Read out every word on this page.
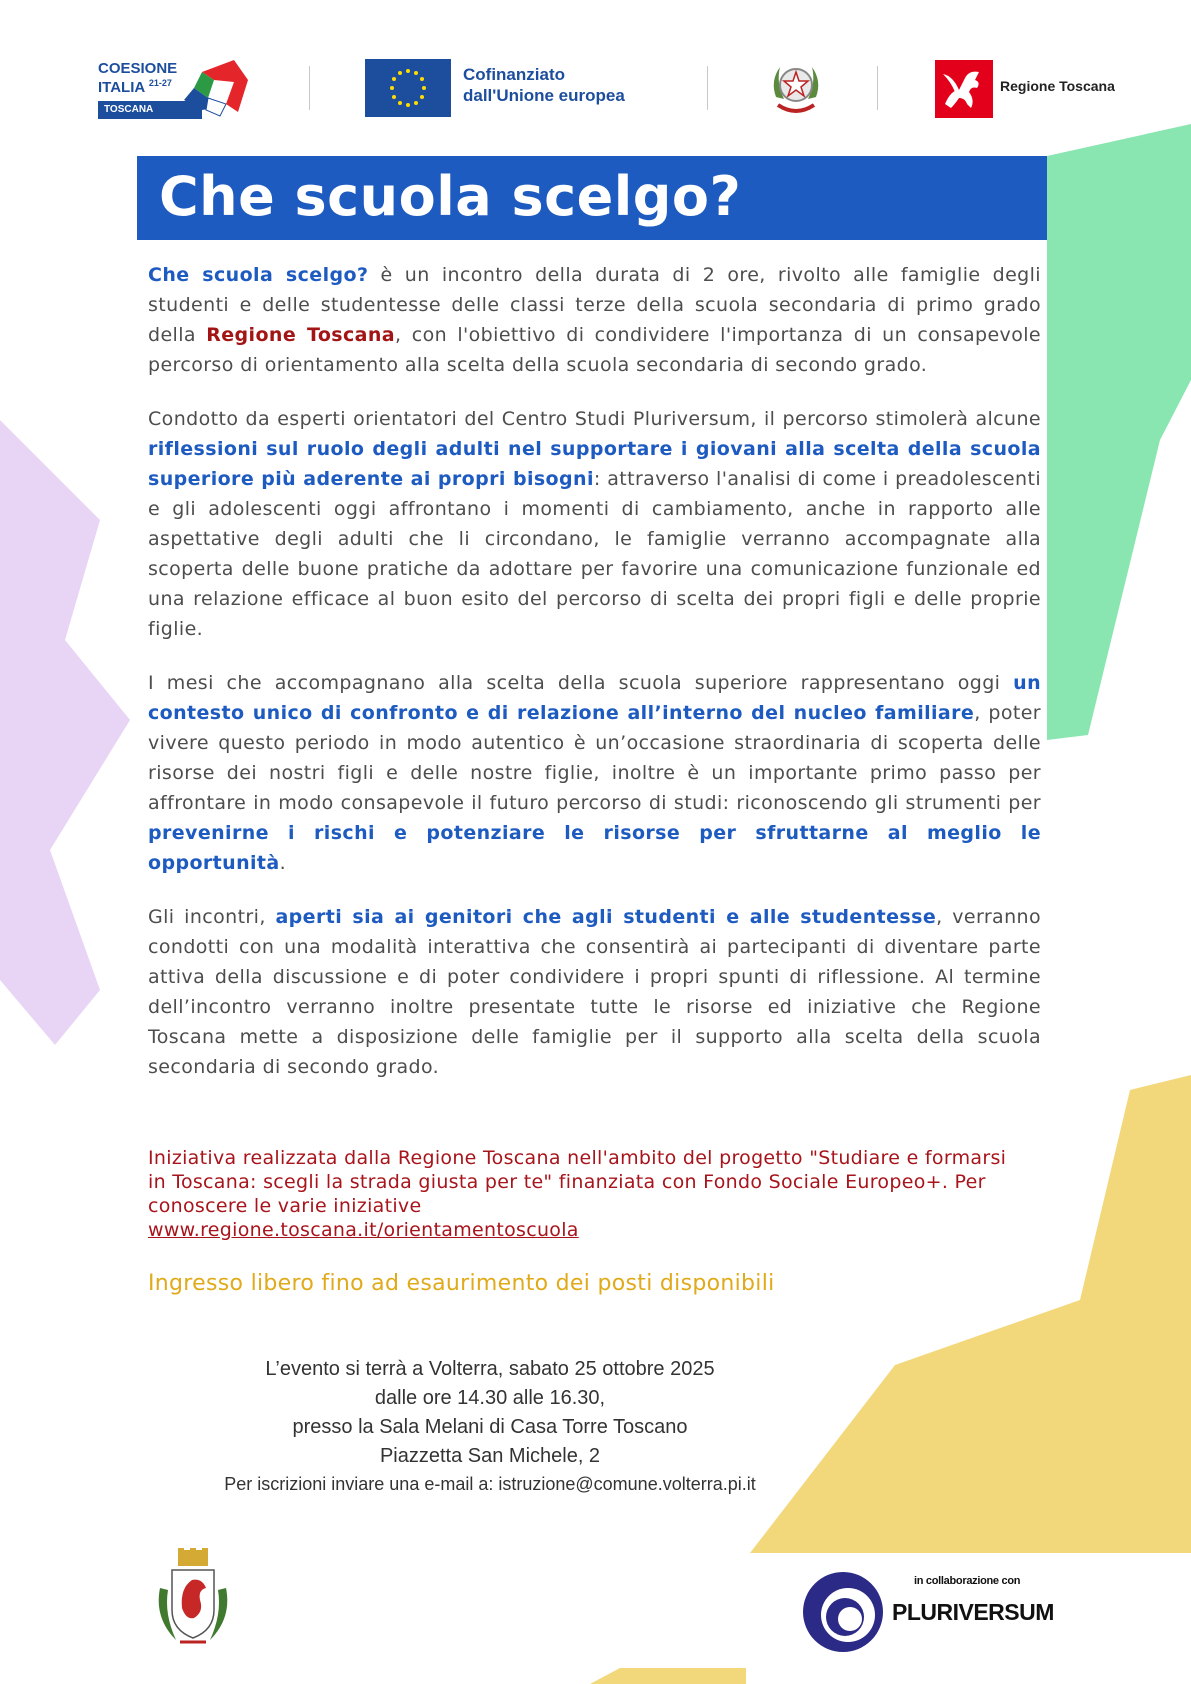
COESIONE
ITALIA $^{21-27}$
TOSCANA
Cofinanziato
dall'Unione europea	Regione Toscana
Che scuola scelgo?

Che scuola scelgo? è un incontro della durata di 2 ore, rivolto alle famiglie degli studenti e delle studentesse delle classi terze della scuola secondaria di primo grado della Regione Toscana, con l'obiettivo di condividere l'importanza di un consapevole percorso di orientamento alla scelta della scuola secondaria di secondo grado.

Condotto da esperti orientatori del Centro Studi Pluriversum, il percorso stimolerà alcune riflessioni sul ruolo degli adulti nel supportare i giovani alla scelta della scuola superiore più aderente ai propri bisogni: attraverso l'analisi di come i preadolescenti e gli adolescenti oggi affrontano i momenti di cambiamento, anche in rapporto alle aspettative degli adulti che li circondano, le famiglie verranno accompagnate alla scoperta delle buone pratiche da adottare per favorire una comunicazione funzionale ed una relazione efficace al buon esito del percorso di scelta dei propri figli e delle proprie figlie.

I mesi che accompagnano alla scelta della scuola superiore rappresentano oggi un contesto unico di confronto e di relazione all’interno del nucleo familiare, poter vivere questo periodo in modo autentico è un’occasione straordinaria di scoperta delle risorse dei nostri figli e delle nostre figlie, inoltre è un importante primo passo per affrontare in modo consapevole il futuro percorso di studi: riconoscendo gli strumenti per prevenirne i rischi e potenziare le risorse per sfruttarne al meglio le opportunità.

Gli incontri, aperti sia ai genitori che agli studenti e alle studentesse, verranno condotti con una modalità interattiva che consentirà ai partecipanti di diventare parte attiva della discussione e di poter condividere i propri spunti di riflessione. Al termine dell’incontro verranno inoltre presentate tutte le risorse ed iniziative che Regione Toscana mette a disposizione delle famiglie per il supporto alla scelta della scuola secondaria di secondo grado.

Iniziativa realizzata dalla Regione Toscana nell'ambito del progetto "Studiare e formarsi in Toscana: scegli la strada giusta per te" finanziata con Fondo Sociale Europeo+. Per conoscere le varie iniziative
www.regione.toscana.it/orientamentoscuola
Ingresso libero fino ad esaurimento dei posti disponibili
L’evento si terrà a Volterra, sabato 25 ottobre 2025
dalle ore 14.30 alle 16.30,
presso la Sala Melani di Casa Torre Toscano
Piazzetta San Michele, 2
Per iscrizioni inviare una e-mail a: istruzione@comune.volterra.pi.it
in collaborazione con
PLURIVERSUM
